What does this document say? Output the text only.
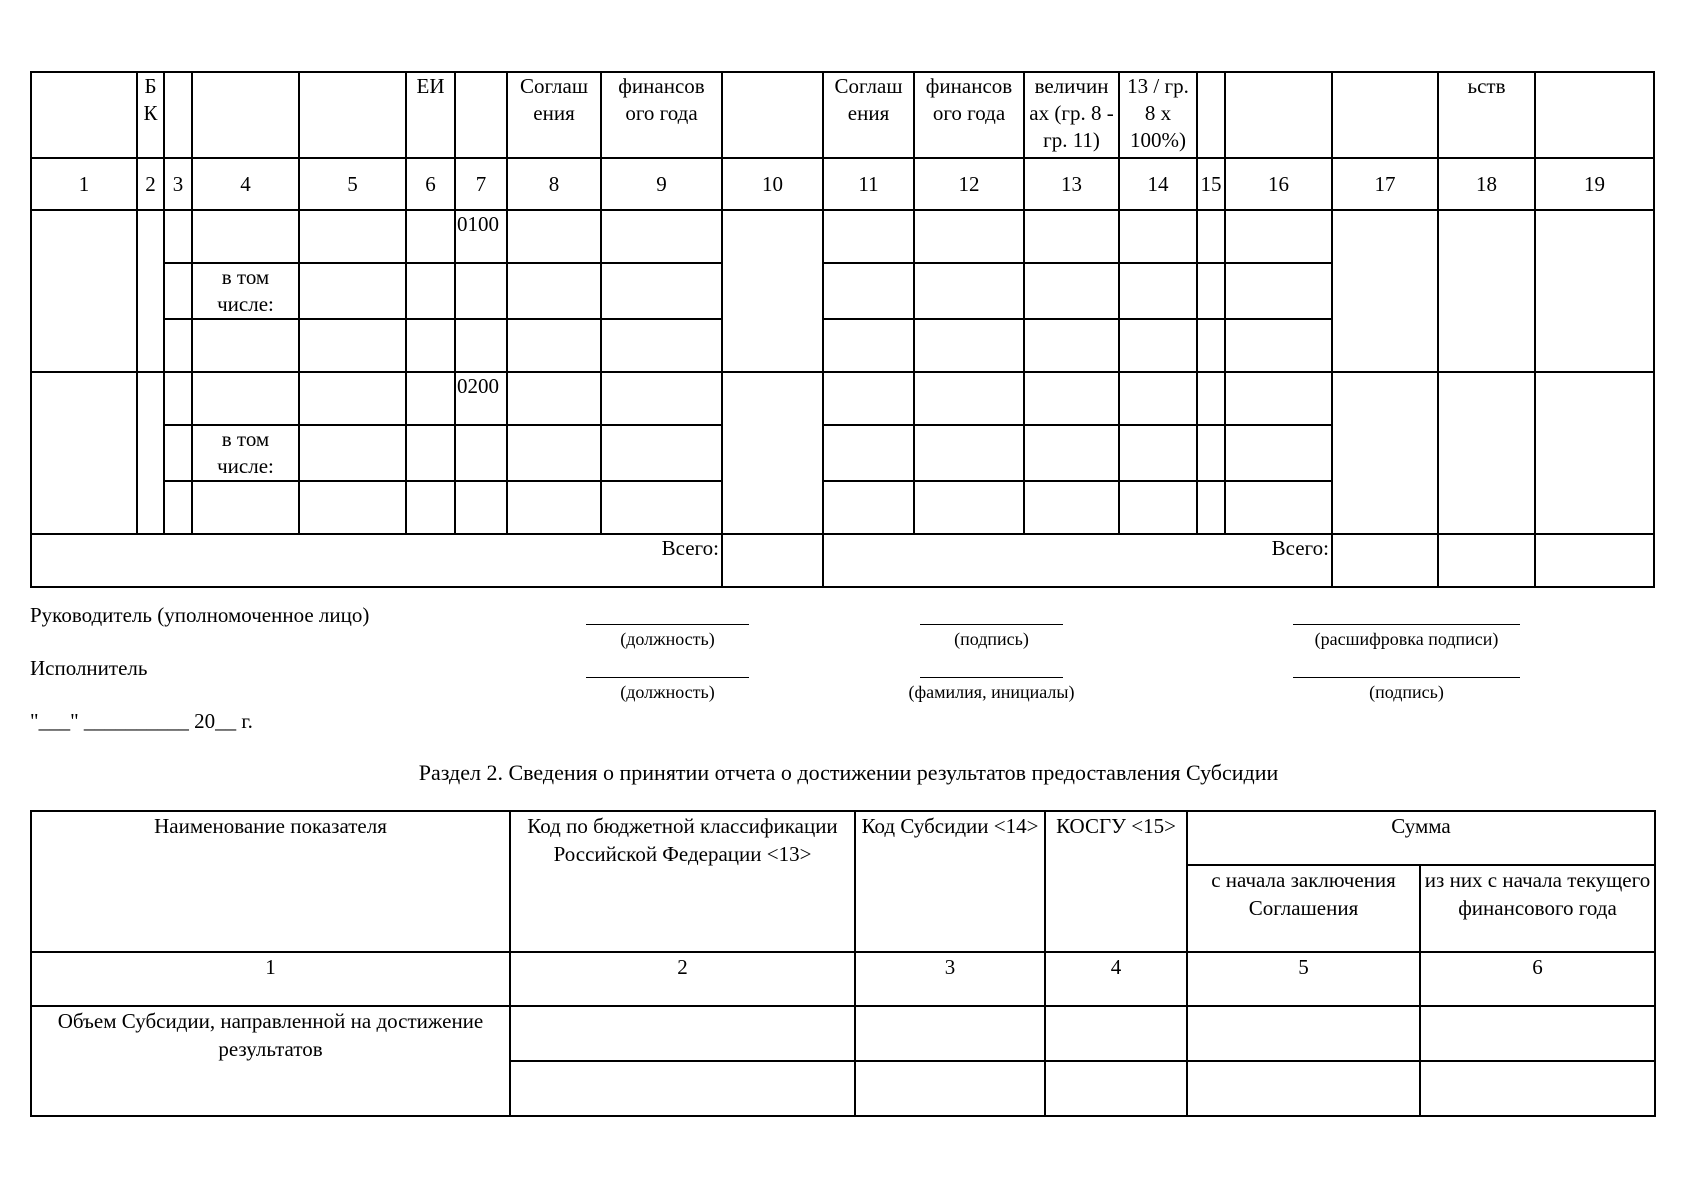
	Б К				ЕИ		Соглаш ения	финансов ого года		Соглаш ения	финансов ого года	величин ах (гр. 8 - гр. 11)	13 / гр. 8 x 100%)				ьств	
1	2	3	4	5	6	7	8	9	10	11	12	13	14	15	16	17	18	19
						0100												
			в том числе:															

						0200												
			в том числе:															

Всего:										Всего:								
Руководитель (уполномоченное лицо)
(должность)	(подпись)	(расшифровка подписи)
Исполнитель
(должность)	(фамилия, инициалы)	(подпись)
"___" __________ 20__ г.
Раздел 2. Сведения о принятии отчета о достижении результатов предоставления Субсидии
Наименование показателя	Код по бюджетной классификации Российской Федерации <13>	Код Субсидии <14>	КОСГУ <15>	Сумма	
				с начала заключения Соглашения	из них с начала текущего финансового года
1	2	3	4	5	6
Объем Субсидии, направленной на достижение результатов					
